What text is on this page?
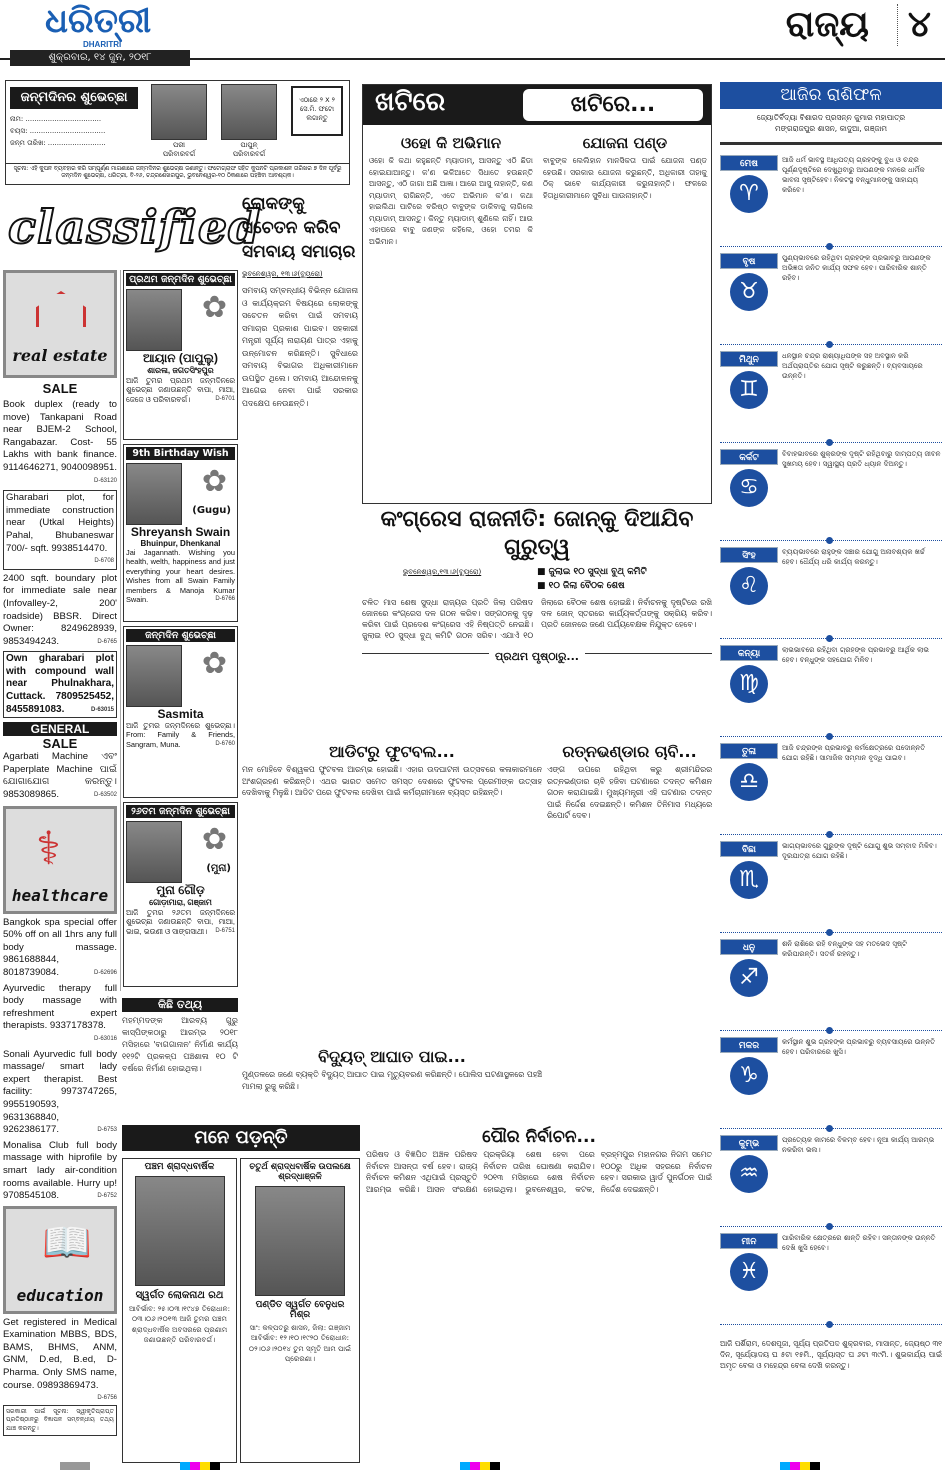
ଶୁକ୍ରବାର, ୧୪ ଜୁନ, ୨୦୧୮
ଧରିତ୍ରୀ
DHARITRI	ରାଜ୍ୟ	୪
ଜନ୍ମଦିନର ଶୁଭେଚ୍ଛା
ନାମ: ..................................
ବୟସ: ..................................
ଜନ୍ମ ତାରିଖ: ..........................	ପରୀ
ପରିବାରବର୍ଗ
ପାପୁନ୍
ପରିବାରବର୍ଗ
ଏଠାରେ ୨ X ୨ ସେ.ମି. ଫଟୋ ଲଗାନ୍ତୁ
ସୂଚନା: ଏହି କୁପନ ବ୍ୟବହାର କରି ସମ୍ପୂର୍ଣ୍ଣ ମାଗଣାରେ ଜନ୍ମଦିନର ଶୁଭେଚ୍ଛା ଜଣାନ୍ତୁ। ଫଟୋଗ୍ରାଫ ସହିତ କୁପନଟି ପ୍ରକାଶନ ତାରିଖର ୭ ଦିନ ପୂର୍ବରୁ ଜନ୍ମଦିନ ଶୁଭେଚ୍ଛା, ଧରିତ୍ରୀ, ବି-୨୬, ଚନ୍ଦ୍ରଶେଖରପୁର, ଭୁବନେଶ୍ୱର-୧୦ ଠିକଣାରେ ପହଞ୍ଚିବା ଆବଶ୍ୟକ।
classified
real estate
SALE
Book duplex (ready to move) Tankapani Road near BJEM-2 School, Rangabazar. Cost- 55 Lakhs with bank finance. 9114646271, 9040098951.
D-63120
Gharabari plot, for immediate construction near (Utkal Heights) Pahal, Bhubaneswar 700/- sqft. 9938514470.
D-6708
2400 sqft. boundary plot for immediate sale near (Infovalley-2, 200' roadside) BBSR. Direct Owner: 8249628939, 9853494243.	D-6765
Own gharabari plot with compound wall near Phulnakhara, Cuttack. 7809525452, 8455891083.	D-63015
GENERAL
SALE
Agarbati Machine ଏବଂ Paperplate Machine ପାଇଁ ଯୋଗାଯୋଗ କରନ୍ତୁ। 9853089865.	D-63502
⚕
healthcare
Bangkok spa special offer 50% off on all 1hrs any full body massage. 9861688844, 8018739084.	D-62696
Ayurvedic therapy full body massage with refreshment expert therapists. 9337178378.
D-63016
Sonali Ayurvedic full body massage/ smart lady expert therapist. Best facility: 9973747265, 9955190593, 9631368840, 9262386177.	D-6753
Monalisa Club full body massage with hiprofile by smart lady air-condition rooms available. Hurry up! 9708545108.	D-6752
📖
education
Get registered in Medical Examination MBBS, BDS, BAMS, BHMS, ANM, GNM, D.ed, B.ed, D-Pharma. Only SMS name, course. 09893869473.
D-6756
ସରକାରୀ ପାଇଁ ସୂଚନା: ସ୍ୱୀକୃତିପ୍ରାପ୍ତ ପ୍ରତିଷ୍ଠାନରୁ ବିଜ୍ଞାପନ ସମ୍ବନ୍ଧୀୟ ତଥ୍ୟ ଯାଞ୍ଚ କରନ୍ତୁ।
ପ୍ରଥମ ଜନ୍ମଦିନ ଶୁଭେଚ୍ଛା
✿
ଆୟାନ (ପାପୁଲୁ)
ଶାରଳା, ଜଗତସିଂହପୁର
ଆଜି ତୁମର ପ୍ରଥମ ଜନ୍ମଦିନରେ ଶୁଭେଚ୍ଛା ଜଣାଉଛନ୍ତି ବାପା, ମାଆ, ଜେଜେ ଓ ପରିବାରବର୍ଗ।	D-6701
9th Birthday Wish
✿
(Gugu)
Shreyansh Swain
Bhuinpur, Dhenkanal
Jai Jagannath. Wishing you health, welth, happiness and just everything your heart desires. Wishes from all Swain Family members & Manoja Kumar Swain.	D-6766
ଜନ୍ମଦିନ ଶୁଭେଚ୍ଛା
✿
Sasmita
ଆଜି ତୁମର ଜନ୍ମଦିନରେ ଶୁଭେଚ୍ଛା। From: Family & Friends, Sangram, Muna.	D-6760
୨୬ତମ ଜନ୍ମଦିନ ଶୁଭେଚ୍ଛା
✿
(ମୁନା)
ମୁନା ଗୌଡ଼
ଗୋଡ଼ାମାରା, ଗଞ୍ଜାମ
ଆଜି ତୁମର ୨୬ତମ ଜନ୍ମଦିନରେ ଶୁଭେଚ୍ଛା ଜଣାଉଛନ୍ତି ବାପା, ମାଆ, ଭାଇ, ଭଉଣୀ ଓ ସାଙ୍ଗସାଥୀ। D-6751
କିଛି ତଥ୍ୟ
ମହମ୍ମଦଙ୍କ ଆରବ୍ୟ ଗୁରୁ କାସ୍ପିଙ୍କଠାରୁ ଆରମ୍ଭ ୨୦୧୮ ମସିହାରେ 'ବାଗଗାନାନ' ନିର୍ମାଣ କାର୍ଯ୍ୟ ୧୧୨ଟି ପ୍ରକଳ୍ପ ପଞ୍ଚଶାଳା ୧୦ ଟି ବର୍ଷରେ ନିର୍ମାଣ ହୋଇଥିଲା।
ଲୋକଙ୍କୁ ସଚେତନ କରିବ ସମବାୟ ସମାଚାର
ଭୁବନେଶ୍ୱର, ୧୩।୬(ବ୍ୟୁରୋ)
ସମବାୟ ସମ୍ବନ୍ଧୀୟ ବିଭିନ୍ନ ଯୋଜନା ଓ କାର୍ଯ୍ୟକ୍ରମ ବିଷୟରେ ଲୋକଙ୍କୁ ସଚେତନ କରିବା ପାଇଁ ସମବାୟ ସମାଚାର ପ୍ରକାଶ ପାଇବ। ସହକାରୀ ମନ୍ତ୍ରୀ ସୂର୍ଯ୍ୟ ନାରାୟଣ ପାତ୍ର ଏହାକୁ ଉନ୍ମୋଚନ କରିଛନ୍ତି। ସୁବିଧାରେ ସମବାୟ ବିଭାଗର ଅଧିକାରୀମାନେ ଉପସ୍ଥିତ ଥିଲେ। ସମବାୟ ଆନ୍ଦୋଳନକୁ ଆଗେଇ ନେବା ପାଇଁ ସରକାର ପଦକ୍ଷେପ ନେଉଛନ୍ତି।
ଖଟିରେ	ଖଟିରେ...
ଓହୋ କି ଅଭିମାନ
ଓହୋ କି କଥା କହୁଛନ୍ତି ମ୍ୟାଡାମ୍, ଆସନ୍ତୁ ଏଠି ଛିଡା ହୋଇଯାଆନ୍ତୁ। କ'ଣ ଭଳିଆତେ ସିଧାତେ ହଉଛନ୍ତି ଆସନ୍ତୁ, ଏଠି ଜାଗା ଅଛି ଆଜ୍ଞା। ଆରେ ଆସୁ ନାହାନ୍ତି, କଣ ମ୍ୟାଡାମ୍ ରାଗିଛନ୍ତି, ଏତେ ଅଭିମାନ କ'ଣ। କଥା ହାଇଲିଥା ପାଟିରେ ବରିଷ୍ଠ ବାବୁଙ୍କ ଡାକିବାକୁ ଲାଗିଲେ ମ୍ୟାଡାମ୍ ଆସନ୍ତୁ। କିନ୍ତୁ ମ୍ୟାଡାମ୍ ଶୁଣିଲେ ନାହିଁ। ଆଉ ଏହାପରେ ବାବୁ ଜଣଙ୍କ କହିଲେ, ଓହୋ ତମର କି ଅଭିମାନ।
ଯୋଜନା ପଣ୍ଡ
ବାବୁଙ୍କ ଲେଲିହାନ ମାନସିକତା ପାଇଁ ଯୋଜନା ପଣ୍ଡ ହେଉଛି। ସରକାର ଯୋଜନା କରୁଛନ୍ତି, ଅଧିକାରୀ ତାହାକୁ ଠିକ୍ ଭାବେ କାର୍ଯ୍ୟକାରୀ କରୁନାହାନ୍ତି। ଫଳରେ ହିତାଧିକାରୀମାନେ ସୁବିଧା ପାଉନାହାନ୍ତି।
କଂଗ୍ରେସ ରାଜନୀତି: ଜୋନ୍‌କୁ ଦିଆଯିବ ଗୁରୁତ୍ୱ
ଭୁବନେଶ୍ୱର,୧୩।୬(ବ୍ୟୁରୋ)	■ ଜୁଲାଇ ୧୦ ସୁଦ୍ଧା ବୁଥ୍ କମିଟି
■ ୧୦ ଜିଲା ବୈଠକ ଶେଷ
ଚଳିତ ମାସ ଶେଷ ସୁଦ୍ଧା ରାଜ୍ୟର ପ୍ରତି ଜିଲା ପରିଷଦ ଜୋନରେ କଂଗ୍ରେସ ଦଳ ଗଠନ କରିବ। ସଙ୍ଗଠନକୁ ଦୃଢ଼ କରିବା ପାଇଁ ପ୍ରଦେଶ କଂଗ୍ରେସ ଏହି ନିଷ୍ପତ୍ତି ନେଇଛି। ଜୁଲାଇ ୧୦ ସୁଦ୍ଧା ବୁଥ୍ କମିଟି ଗଠନ ସରିବ। ଏଯାଏଁ ୧୦ ଜିଲାରେ ବୈଠକ ଶେଷ ହୋଇଛି। ନିର୍ବାଚନକୁ ଦୃଷ୍ଟିରେ ରଖି ଦଳ ଜୋନ୍ ସ୍ତରରେ କାର୍ଯ୍ୟକର୍ତ୍ତାଙ୍କୁ ସକ୍ରିୟ କରିବ। ପ୍ରତି ଜୋନରେ ଜଣେ ପର୍ଯ୍ୟବେକ୍ଷକ ନିଯୁକ୍ତ ହେବେ।
$^{ପ୍ରଥମ ପୃଷ୍ଠାରୁ...}$
ଆଡିଟରୁ ଫୁଟବଲ...
ମନ ମୋହିବେ ବିଶ୍ୱକପ ଫୁଟବଲ ଆରମ୍ଭ ହୋଇଛି। ଏହାର ଉଦଘାଟନୀ ଉତ୍ସବରେ କଳାକାରମାନେ ଅଂଶଗ୍ରହଣ କରିଛନ୍ତି। ଏଥର ଭାରତ ସମେତ ସମସ୍ତ ଦେଶରେ ଫୁଟବଲ ପ୍ରେମୀଙ୍କ ଉତ୍ସାହ ଦେଖିବାକୁ ମିଳୁଛି। ଆଡିଟ ପରେ ଫୁଟବଲ ଦେଖିବା ପାଇଁ କର୍ମଚାରୀମାନେ ବ୍ୟସ୍ତ ରହିଛନ୍ତି।
ରତ୍ନଭଣ୍ଡାର ଚାବି...
ଏଙ୍ଗ ଉପରେ ରହିଥିବା କରୁ ଶ୍ରୀମନ୍ଦିରର ରତ୍ନଭଣ୍ଡାର ଚାବି ହଜିବା ଘଟଣାରେ ତଦନ୍ତ କମିଶନ ଗଠନ କରାଯାଇଛି। ମୁଖ୍ୟମନ୍ତ୍ରୀ ଏହି ଘଟଣାର ତଦନ୍ତ ପାଇଁ ନିର୍ଦ୍ଦେଶ ଦେଇଛନ୍ତି। କମିଶନ ତିନିମାସ ମଧ୍ୟରେ ରିପୋର୍ଟ ଦେବ।
ବିଦ୍ୟୁତ୍ ଆଘାତ ପାଇ...
ମୁଣ୍ଡଳରେ ଜଣେ ବ୍ୟକ୍ତି ବିଦ୍ୟୁତ୍ ଆଘାତ ପାଇ ମୃତ୍ୟୁବରଣ କରିଛନ୍ତି। ପୋଲିସ ଘଟଣାସ୍ଥଳରେ ପହଞ୍ଚି ମାମଲା ରୁଜୁ କରିଛି।
ମନେ ପଡ଼ନ୍ତି
ପଞ୍ଚମ ଶ୍ରାଦ୍ଧବାର୍ଷିକ
ସ୍ୱର୍ଗତ ଲୋକନାଥ ରଥ
ଆବିର୍ଭାବ: ୨୫।୦୩।୧୯୪୭ ତିରୋଧାନ: ୦୩।୦୬।୨୦୧୩ ଆଜି ତୁମର ପଞ୍ଚମ ଶ୍ରାଦ୍ଧବାର୍ଷିକ ଅବସରରେ ପ୍ରଣାମ ଜଣାଉଛନ୍ତି ପରିବାରବର୍ଗ।
ଚତୁର୍ଥ ଶ୍ରାଦ୍ଧବାର୍ଷିକ ଉପଲକ୍ଷେ ଶ୍ରଦ୍ଧାଞ୍ଜଳି
ପଣ୍ଡିତ ସ୍ୱର୍ଗତ ବେନୁଧର ମିଶ୍ର
ସାଂ: କଳ୍ପତରୁ ଶାସନ, ଜିଲା: ଗଞ୍ଜାମ ଆବିର୍ଭାବ: ୧୨।୧୦।୧୯୨୦ ତିରୋଧାନ: ୦୨।୦୬।୨୦୧୪ ତୁମ ସ୍ମୃତି ଆମ ପାଇଁ ପ୍ରେରଣା।
ପୌର ନିର୍ବାଚନ...
ପରିଷଦ ଓ ବିଜ୍ଞପିତ ଅଞ୍ଚଳ ପରିଷଦ ନିର୍ବାଚନ ଆସନ୍ତା ବର୍ଷ ହେବ। ରାଜ୍ୟ ନିର୍ବାଚନ କମିଶନ ଏଥିପାଇଁ ପ୍ରସ୍ତୁତି ଆରମ୍ଭ କରିଛି। ଆସନ ସଂରକ୍ଷଣ ପ୍ରକ୍ରିୟା ଶେଷ ହେବା ପରେ ନିର୍ବାଚନ ତାରିଖ ଘୋଷଣା କରାଯିବ। ୨୦୧୩ ମସିହାରେ ଶେଷ ନିର୍ବାଚନ ହୋଇଥିଲା। ଭୁବନେଶ୍ୱର, କଟକ, ବ୍ରହ୍ମପୁର ମହାନଗର ନିଗମ ସମେତ ୧୦୦ରୁ ଅଧିକ ସହରରେ ନିର୍ବାଚନ ହେବ। ସରକାର ୱାର୍ଡ ପୁନର୍ଗଠନ ପାଇଁ ନିର୍ଦ୍ଦେଶ ଦେଇଛନ୍ତି।
ଆଜିର ରାଶିଫଳ
ଜ୍ୟୋତିର୍ବିଦ୍ୟା ବିଶାରଦ ପ୍ରସନ୍ନ କୁମାର ମହାପାତ୍ର
ମଙ୍ଗରାଜପୁର ଶାସନ, କାଦୁଆ, ଗଞ୍ଜାମ
ମେଷ
♈
ଆଜି ଧର୍ମ ଭାବସ୍ଥ ଆଧିପତ୍ୟ ଗ୍ରହଙ୍କୁ ବୁଧ ଓ ଚନ୍ଦ୍ର ପୂର୍ଣ୍ଣଦୃଷ୍ଟିରେ ଦେଖୁଥିବାରୁ ଆପଣଙ୍କ ମନରେ ଧାର୍ମିକ ଭାବନା ସୃଷ୍ଟିହେବ। ନିକଟସ୍ଥ ବନ୍ଧୁମାନଙ୍କୁ ସାହାଯ୍ୟ କରିବେ।
ବୃଷ
♉
ପୁଣ୍ୟଭାବରେ ରହିଥିବା ଗ୍ରହଙ୍କ ପ୍ରଭାବରୁ ଆପଣଙ୍କ ଅଭିଜ୍ଞତା ଜନିତ କାର୍ଯ୍ୟ ସଫଳ ହେବ। ପାରିବାରିକ ଶାନ୍ତି ରହିବ।
ମିଥୁନ
♊
ଧନସ୍ଥାନ ଚନ୍ଦ୍ର ରାଶ୍ୟାଧିପଙ୍କ ସହ ଅବସ୍ଥାନ କରି ଅର୍ଥପ୍ରାପ୍ତିର ଯୋଗ ସୃଷ୍ଟି କରୁଛନ୍ତି। ବ୍ୟବସାୟରେ ଉନ୍ନତି।
କର୍କଟ
♋
ବିବାହଭାବରେ ଶୁକ୍ରଙ୍କ ଦୃଷ୍ଟି ରହିଥିବାରୁ ଦାମ୍ପତ୍ୟ ଜୀବନ ସୁଖମୟ ହେବ। ସ୍ୱାସ୍ଥ୍ୟ ପ୍ରତି ଧ୍ୟାନ ଦିଅନ୍ତୁ।
ସିଂହ
♌
ବ୍ୟୟଭାବରେ ରାହୁଙ୍କ ସଞ୍ଚାର ଯୋଗୁ ଅନାବଶ୍ୟକ ଖର୍ଚ୍ଚ ହେବ। ଧୈର୍ଯ୍ୟ ଧରି କାର୍ଯ୍ୟ କରନ୍ତୁ।
କନ୍ୟା
♍
ଲାଭଭାବରେ ରହିଥିବା ଗ୍ରହଙ୍କ ପ୍ରଭାବରୁ ଆର୍ଥିକ ଲାଭ ହେବ। ବନ୍ଧୁଙ୍କ ସହଯୋଗ ମିଳିବ।
ତୁଳା
♎
ଆଜି ଚନ୍ଦ୍ରଙ୍କ ପ୍ରଭାବରୁ କର୍ମକ୍ଷେତ୍ରରେ ପଦୋନ୍ନତି ଯୋଗ ରହିଛି। ସାମାଜିକ ସମ୍ମାନ ବୃଦ୍ଧି ପାଇବ।
ବିଛା
♏
ଭାଗ୍ୟଭାବରେ ଗୁରୁଙ୍କ ଦୃଷ୍ଟି ଯୋଗୁ ଶୁଭ ସମ୍ବାଦ ମିଳିବ। ଦୂରଯାତ୍ରା ଯୋଗ ରହିଛି।
ଧନୁ
♐
ଶନି ରାଶିରେ ରହି ବନ୍ଧୁଙ୍କ ସହ ମତଭେଦ ସୃଷ୍ଟି କରିପାରନ୍ତି। ସତର୍କ ରହନ୍ତୁ।
ମକର
♑
କର୍ମସ୍ଥାନ ଶୁଭ ଗ୍ରହଙ୍କ ପ୍ରଭାବରୁ ବ୍ୟବସାୟରେ ଉନ୍ନତି ହେବ। ପରିବାରରେ ଖୁସି।
କୁମ୍ଭ
♒
ପ୍ରତ୍ୟେକ କାମରେ ବିଳମ୍ବ ହେବ। ନୂଆ କାର୍ଯ୍ୟ ଆରମ୍ଭ ନକରିବା ଭଲ।
ମୀନ
♓
ପାରିବାରିକ କ୍ଷେତ୍ରରେ ଶାନ୍ତି ରହିବ। ସନ୍ତାନଙ୍କ ଉନ୍ନତି ଦେଖି ଖୁସି ହେବେ।
ଆଜି ପର୍ଶିରାମ, ଦେଶପୂଜା, ସୂର୍ଯ୍ୟ ପ୍ରତିପଦ ଶୁକ୍ରବାର, ମାସାନ୍ତ, ଜ୍ୟେଷ୍ଠ ୩୧ ଦିନ, ସୂର୍ଯ୍ୟୋଦୟ ଘ ୫ଟା ୧୫ମି., ସୂର୍ଯ୍ୟାସ୍ତ ଘ ୬ଟା ୩୯ମି.। ଶୁଭକାର୍ଯ୍ୟ ପାଇଁ ଅମୃତ ବେଳା ଓ ମହେନ୍ଦ୍ର ବେଳା ଦେଖି କରନ୍ତୁ।
